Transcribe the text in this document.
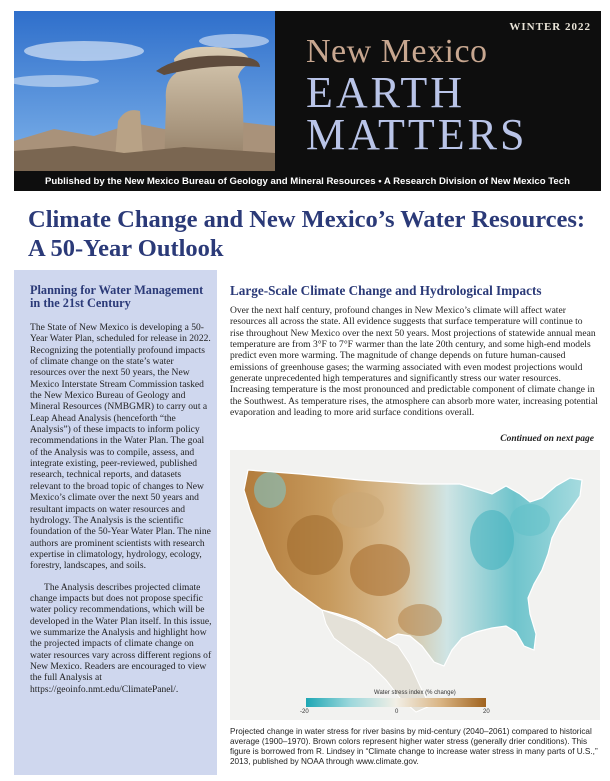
WINTER 2022
New Mexico
EARTH
MATTERS
Published by the New Mexico Bureau of Geology and Mineral Resources • A Research Division of New Mexico Tech
Climate Change and New Mexico’s Water Resources: A 50-Year Outlook
Planning for Water Management in the 21st Century

The State of New Mexico is developing a 50-Year Water Plan, scheduled for release in 2022. Recognizing the potentially profound impacts of climate change on the state’s water resources over the next 50 years, the New Mexico Interstate Stream Commission tasked the New Mexico Bureau of Geology and Mineral Resources (NMBGMR) to carry out a Leap Ahead Analysis (henceforth “the Analysis”) of these impacts to inform policy recommendations in the Water Plan. The goal of the Analysis was to compile, assess, and integrate existing, peer-reviewed, published research, technical reports, and datasets relevant to the broad topic of changes to New Mexico’s climate over the next 50 years and resultant impacts on water resources and hydrology. The Analysis is the scientific foundation of the 50-Year Water Plan. The nine authors are prominent scientists with research expertise in climatology, hydrology, ecology, forestry, landscapes, and soils.

The Analysis describes projected climate change impacts but does not propose specific water policy recommendations, which will be developed in the Water Plan itself. In this issue, we summarize the Analysis and highlight how the projected impacts of climate change on water resources vary across different regions of New Mexico. Readers are encouraged to view the full Analysis at https://geoinfo.nmt.edu/ClimatePanel/.

Large-Scale Climate Change and Hydrological Impacts
Over the next half century, profound changes in New Mexico’s climate will affect water resources all across the state. All evidence suggests that surface temperature will continue to rise throughout New Mexico over the next 50 years. Most projections of statewide annual mean temperature are from 3°F to 7°F warmer than the late 20th century, and some high-end models predict even more warming. The magnitude of change depends on future human-caused emissions of greenhouse gases; the warming associated with even modest projections would generate unprecedented high temperatures and significantly stress our water resources. Increasing temperature is the most pronounced and predictable component of climate change in the Southwest. As temperature rises, the atmosphere can absorb more water, increasing potential evaporation and leading to more arid surface conditions overall.
Continued on next page
Water stress index (% change)
-20	0	20
Projected change in water stress for river basins by mid-century (2040–2061) compared to historical average (1900–1970). Brown colors represent higher water stress (generally drier conditions). This figure is borrowed from R. Lindsey in “Climate change to increase water stress in many parts of U.S.,” 2013, published by NOAA through www.climate.gov.
